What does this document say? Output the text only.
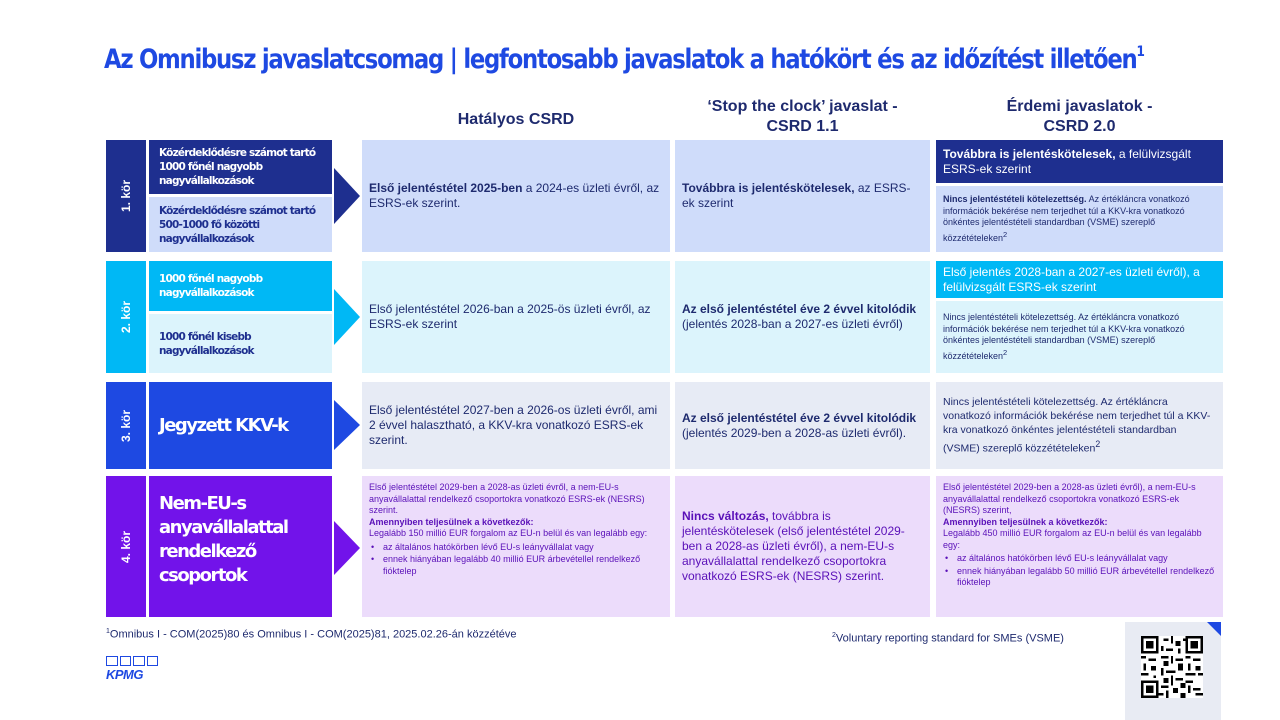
Az Omnibusz javaslatcsomag | legfontosabb javaslatok a hatókört és az időzítést illetően$^1$
Hatályos CSRD
‘Stop the clock’ javaslat -
CSRD 1.1
Érdemi javaslatok -
CSRD 2.0
1. kör
Közérdeklődésre számot tartó 1000 főnél nagyobb nagyvállalkozások
Közérdeklődésre számot tartó 500-1000 fő közötti nagyvállalkozások
Első jelentéstétel 2025-ben a 2024-es üzleti évről, az ESRS-ek szerint.
Továbbra is jelentéskötelesek, az ESRS-ek szerint
Továbbra is jelentéskötelesek, a felülvizsgált ESRS-ek szerint
Nincs jelentéstételi kötelezettség. Az értékláncra vonatkozó információk bekérése nem terjedhet túl a KKV-kra vonatkozó önkéntes jelentéstételi standardban (VSME) szereplő közzétételeken$^2$
2. kör
1000 főnél nagyobb nagyvállalkozások
1000 főnél kisebb nagyvállalkozások
Első jelentéstétel 2026-ban a 2025-ös üzleti évről, az ESRS-ek szerint
Az első jelentéstétel éve 2 évvel kitolódik (jelentés 2028-ban a 2027-es üzleti évről)
Első jelentés 2028-ban a 2027-es üzleti évről), a felülvizsgált ESRS-ek szerint
Nincs jelentéstételi kötelezettség. Az értékláncra vonatkozó információk bekérése nem terjedhet túl a KKV-kra vonatkozó önkéntes jelentéstételi standardban (VSME) szereplő közzétételeken$^2$
3. kör	Jegyzett KKV-k
Első jelentéstétel 2027-ben a 2026-os üzleti évről, ami 2 évvel halasztható, a KKV-kra vonatkozó ESRS-ek szerint.
Az első jelentéstétel éve 2 évvel kitolódik (jelentés 2029-ben a 2028-as üzleti évről).
Nincs jelentéstételi kötelezettség. Az értékláncra vonatkozó információk bekérése nem terjedhet túl a KKV-kra vonatkozó önkéntes jelentéstételi standardban (VSME) szereplő közzétételeken$^2$
4. kör
Nem-EU-s anyavállalattal rendelkező csoportok
Első jelentéstétel 2029-ben a 2028-as üzleti évről, a nem-EU-s anyavállalattal rendelkező csoportokra vonatkozó ESRS-ek (NESRS) szerint.
Amennyiben teljesülnek a következők:
Legalább 150 millió EUR forgalom az EU-n belül és van legalább egy:
• az általános hatókörben lévő EU-s leányvállalat vagy
• ennek hiányában legalább 40 millió EUR árbevétellel rendelkező fióktelep
Nincs változás, továbbra is jelentéskötelesek (első jelentéstétel 2029-ben a 2028-as üzleti évről), a nem-EU-s anyavállalattal rendelkező csoportokra vonatkozó ESRS-ek (NESRS) szerint.
Első jelentéstétel 2029-ben a 2028-as üzleti évről), a nem-EU-s anyavállalattal rendelkező csoportokra vonatkozó ESRS-ek (NESRS) szerint,
Amennyiben teljesülnek a következők:
Legalább 450 millió EUR forgalom az EU-n belül és van legalább egy:
• az általános hatókörben lévő EU-s leányvállalat vagy
• ennek hiányában legalább 50 millió EUR árbevétellel rendelkező fióktelep
$^1$Omnibus I - COM(2025)80 és Omnibus I - COM(2025)81, 2025.02.26-án közzétéve	$^2$Voluntary reporting standard for SMEs (VSME)
KPMG
